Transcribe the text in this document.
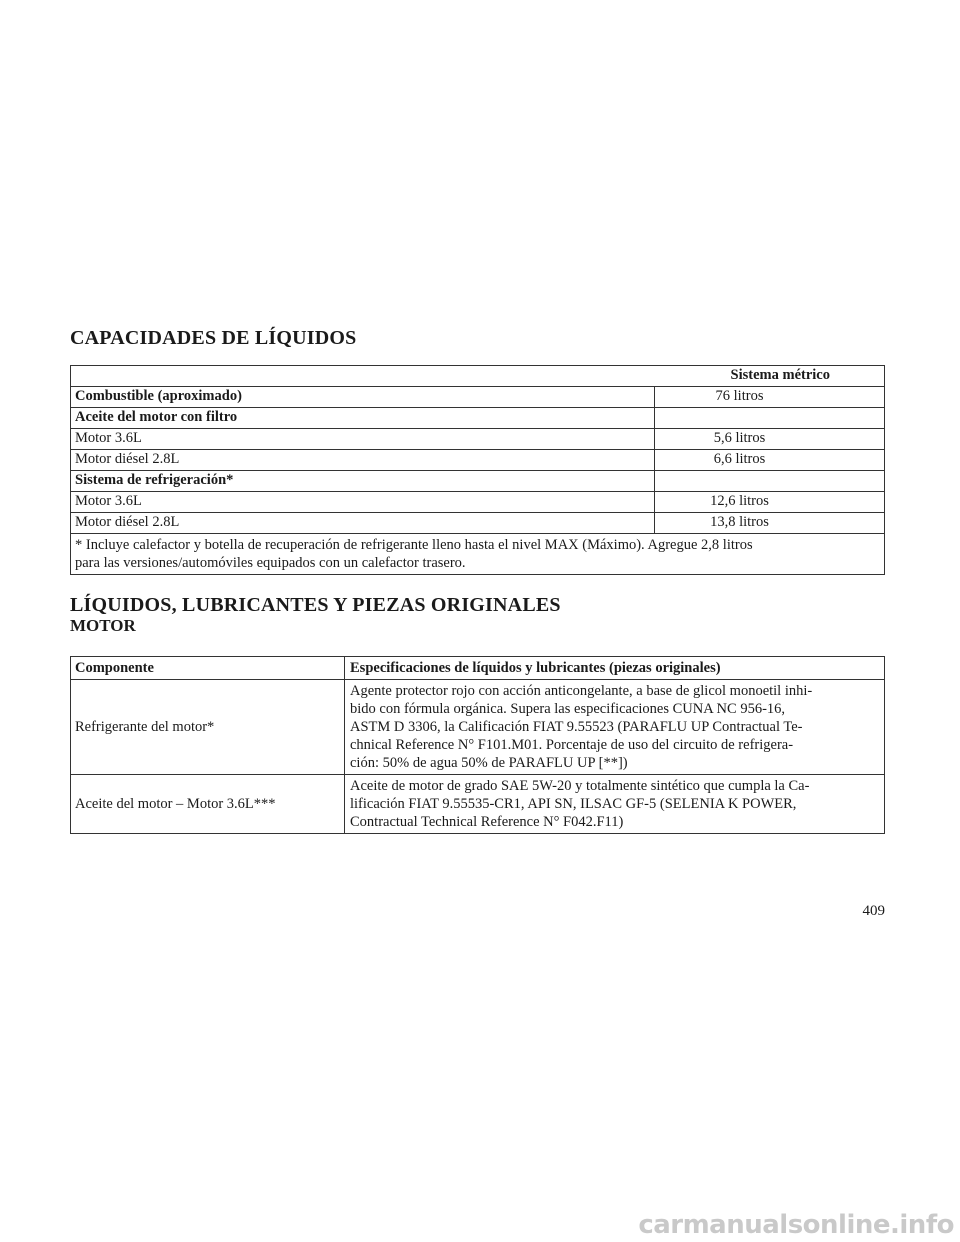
CAPACIDADES DE LÍQUIDOS
Sistema métrico	
Combustible (aproximado)	76 litros
Aceite del motor con filtro	
Motor 3.6L	5,6 litros
Motor diésel 2.8L	6,6 litros
Sistema de refrigeración*	
Motor 3.6L	12,6 litros
Motor diésel 2.8L	13,8 litros

* Incluye calefactor y botella de recuperación de refrigerante lleno hasta el nivel MAX (Máximo). Agregue 2,8 litros
para las versiones/automóviles equipados con un calefactor trasero.	
LÍQUIDOS, LUBRICANTES Y PIEZAS ORIGINALES
MOTOR
Componente	Especificaciones de líquidos y lubricantes (piezas originales)
Refrigerante del motor*	Agente protector rojo con acción anticongelante, a base de glicol monoetil inhi-
bido con fórmula orgánica. Supera las especificaciones CUNA NC 956-16,
ASTM D 3306, la Calificación FIAT 9.55523 (PARAFLU UP Contractual Te-
chnical Reference N° F101.M01. Porcentaje de uso del circuito de refrigera-
ción: 50% de agua 50% de PARAFLU UP [**])

Aceite del motor – Motor 3.6L***	Aceite de motor de grado SAE 5W-20 y totalmente sintético que cumpla la Ca-
lificación FIAT 9.55535-CR1, API SN, ILSAC GF-5 (SELENIA K POWER,
Contractual Technical Reference N° F042.F11)
409
carmanualsonline.info
